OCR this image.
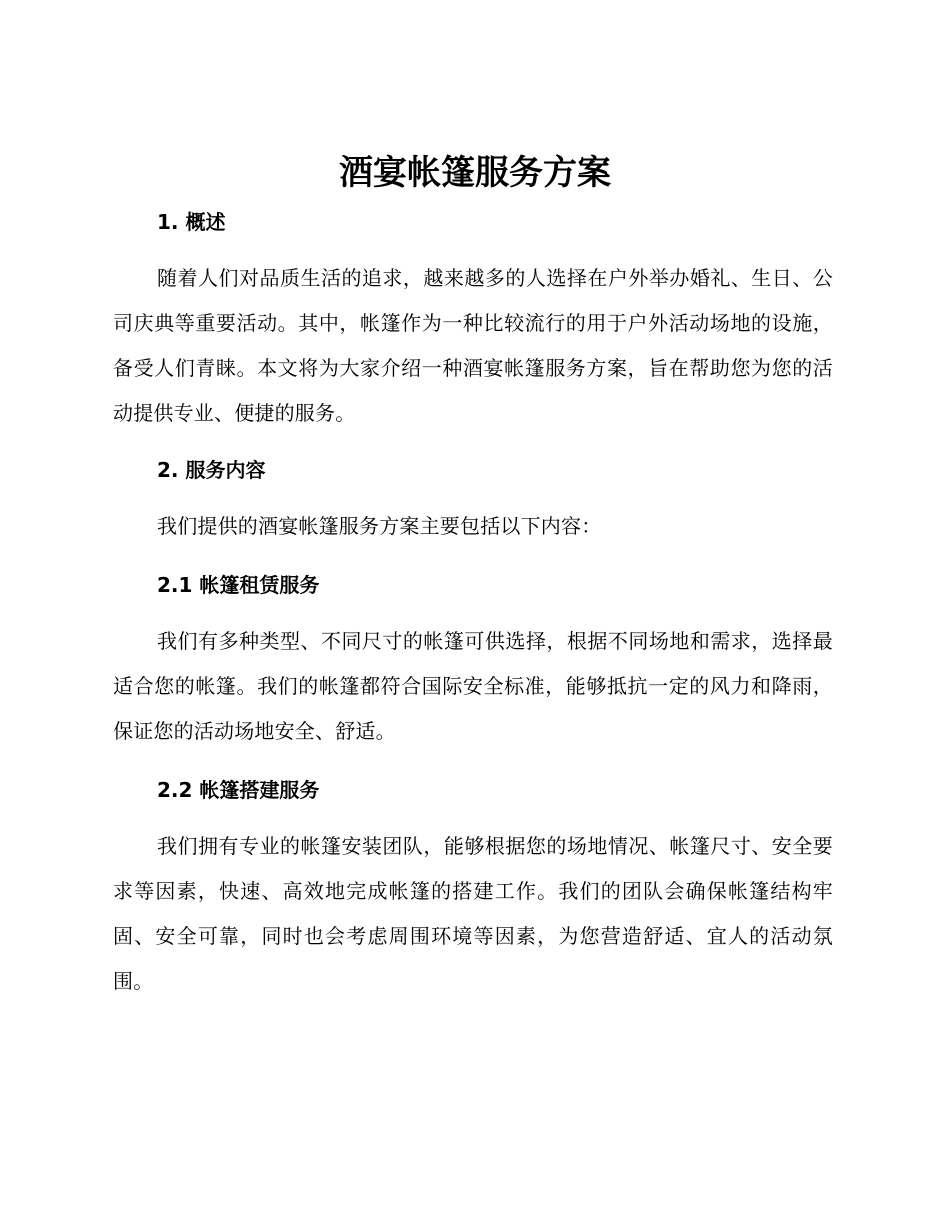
酒宴帐篷服务方案
1. 概述

随着人们对品质生活的追求，越来越多的人选择在户外举办婚礼、生日、公司庆典等重要活动。其中，帐篷作为一种比较流行的用于户外活动场地的设施，备受人们青睐。本文将为大家介绍一种酒宴帐篷服务方案，旨在帮助您为您的活动提供专业、便捷的服务。

2. 服务内容

我们提供的酒宴帐篷服务方案主要包括以下内容：

2.1 帐篷租赁服务

我们有多种类型、不同尺寸的帐篷可供选择，根据不同场地和需求，选择最适合您的帐篷。我们的帐篷都符合国际安全标准，能够抵抗一定的风力和降雨，保证您的活动场地安全、舒适。

2.2 帐篷搭建服务

我们拥有专业的帐篷安装团队，能够根据您的场地情况、帐篷尺寸、安全要求等因素，快速、高效地完成帐篷的搭建工作。我们的团队会确保帐篷结构牢固、安全可靠，同时也会考虑周围环境等因素，为您营造舒适、宜人的活动氛围。
